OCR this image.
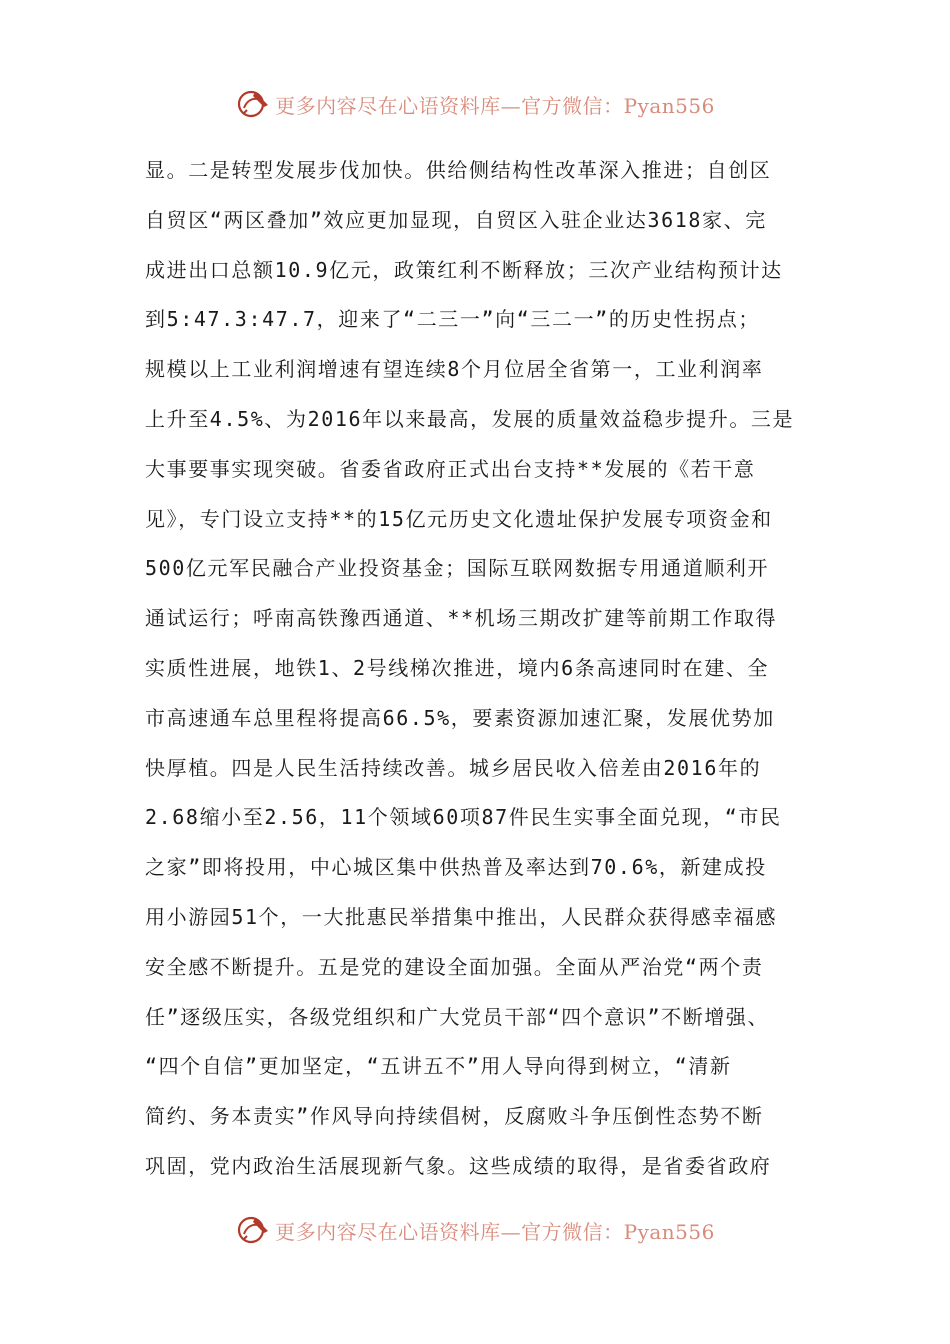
更多内容尽在心语资料库—官方微信：Pyan556
显。二是转型发展步伐加快。供给侧结构性改革深入推进；自创区
自贸区“两区叠加”效应更加显现，自贸区入驻企业达3618家、完
成进出口总额10.9亿元，政策红利不断释放；三次产业结构预计达
到5:47.3:47.7，迎来了“二三一”向“三二一”的历史性拐点；
规模以上工业利润增速有望连续8个月位居全省第一，工业利润率
上升至4.5%、为2016年以来最高，发展的质量效益稳步提升。三是
大事要事实现突破。省委省政府正式出台支持**发展的《若干意
见》，专门设立支持**的15亿元历史文化遗址保护发展专项资金和
500亿元军民融合产业投资基金；国际互联网数据专用通道顺利开
通试运行；呼南高铁豫西通道、**机场三期改扩建等前期工作取得
实质性进展，地铁1、2号线梯次推进，境内6条高速同时在建、全
市高速通车总里程将提高66.5%，要素资源加速汇聚，发展优势加
快厚植。四是人民生活持续改善。城乡居民收入倍差由2016年的
2.68缩小至2.56，11个领域60项87件民生实事全面兑现，“市民
之家”即将投用，中心城区集中供热普及率达到70.6%，新建成投
用小游园51个，一大批惠民举措集中推出，人民群众获得感幸福感
安全感不断提升。五是党的建设全面加强。全面从严治党“两个责
任”逐级压实，各级党组织和广大党员干部“四个意识”不断增强、
“四个自信”更加坚定，“五讲五不”用人导向得到树立，“清新
简约、务本责实”作风导向持续倡树，反腐败斗争压倒性态势不断
巩固，党内政治生活展现新气象。这些成绩的取得，是省委省政府
更多内容尽在心语资料库—官方微信：Pyan556
